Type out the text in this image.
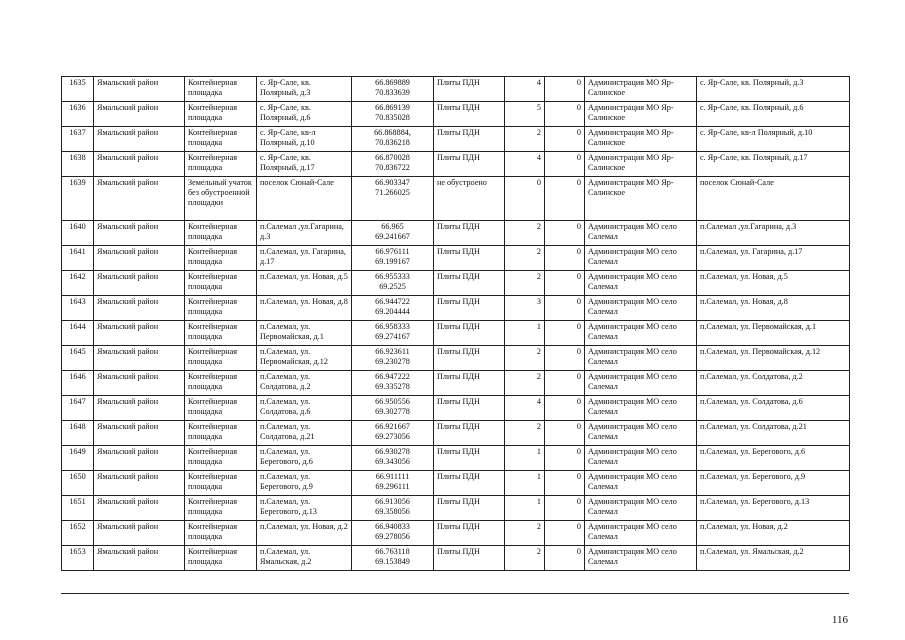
1635	Ямальский район	Контейнерная площадка	с. Яр-Сале, кв. Полярный, д.3	66.869889
70.833639	Плиты ПДН	4	0	Администрация МО Яр-Салинское	с. Яр-Сале, кв. Полярный, д.3
1636	Ямальский район	Контейнерная площадка	с. Яр-Сале, кв. Полярный, д.6	66.869139
70.835028	Плиты ПДН	5	0	Администрация МО Яр-Салинское	с. Яр-Сале, кв. Полярный, д.6
1637	Ямальский район	Контейнерная площадка	с. Яр-Сале, кв-л Полярный, д.10	66.868884,
70.836218	Плиты ПДН	2	0	Администрация МО Яр-Салинское	с. Яр-Сале, кв-л Полярный, д.10
1638	Ямальский район	Контейнерная площадка	с. Яр-Сале, кв. Полярный, д.17	66.870028
70.836722	Плиты ПДН	4	0	Администрация МО Яр-Салинское	с. Яр-Сале, кв. Полярный, д.17
1639	Ямальский район	Земельный учаток без обустроенной площадки	поселок Сюнай-Сале	66.903347
71.266025	не обустроено	0	0	Администрация МО Яр-Салинское	поселок Сюнай-Сале
1640	Ямальский район	Контейнерная площадка	п.Салемал ,ул.Гагарина, д.3	66.965
69.241667	Плиты ПДН	2	0	Администрация МО село Салемал	п.Салемал ,ул.Гагарина, д.3
1641	Ямальский район	Контейнерная площадка	п.Салемал, ул. Гагарина, д.17	66.976111
69.199167	Плиты ПДН	2	0	Администрация МО село Салемал	п.Салемал, ул. Гагарина, д.17
1642	Ямальский район	Контейнерная площадка	п.Салемал, ул. Новая, д.5	66.955333
69.2525	Плиты ПДН	2	0	Администрация МО село Салемал	п.Салемал, ул. Новая, д.5
1643	Ямальский район	Контейнерная площадка	п.Салемал, ул. Новая, д.8	66.944722
69.204444	Плиты ПДН	3	0	Администрация МО село Салемал	п.Салемал, ул. Новая, д.8
1644	Ямальский район	Контейнерная площадка	п.Салемал, ул. Первомайская, д.1	66.958333
69.274167	Плиты ПДН	1	0	Администрация МО село Салемал	п.Салемал, ул. Первомайская, д.1
1645	Ямальский район	Контейнерная площадка	п.Салемал, ул. Первомайская, д.12	66.923611
69.230278	Плиты ПДН	2	0	Администрация МО село Салемал	п.Салемал, ул. Первомайская, д.12
1646	Ямальский район	Контейнерная площадка	п.Салемал, ул. Солдатова, д.2	66.947222
69.335278	Плиты ПДН	2	0	Администрация МО село Салемал	п.Салемал, ул. Солдатова, д.2
1647	Ямальский район	Контейнерная площадка	п.Салемал, ул. Солдатова, д.6	66.950556
69.302778	Плиты ПДН	4	0	Администрация МО село Салемал	п.Салемал, ул. Солдатова, д.6
1648	Ямальский район	Контейнерная площадка	п.Салемал, ул. Солдатова, д.21	66.921667
69.273056	Плиты ПДН	2	0	Администрация МО село Салемал	п.Салемал, ул. Солдатова, д.21
1649	Ямальский район	Контейнерная площадка	п.Салемал, ул. Берегового, д.6	66.930278
69.343056	Плиты ПДН	1	0	Администрация МО село Салемал	п.Салемал, ул. Берегового, д.6
1650	Ямальский район	Контейнерная площадка	п.Салемал, ул. Берегового, д.9	66.911111
69.296111	Плиты ПДН	1	0	Администрация МО село Салемал	п.Салемал, ул. Берегового, д.9
1651	Ямальский район	Контейнерная площадка	п.Салемал, ул. Берегового, д.13	66.913056
69.358056	Плиты ПДН	1	0	Администрация МО село Салемал	п.Салемал, ул. Берегового, д.13
1652	Ямальский район	Контейнерная площадка	п.Салемал, ул. Новая, д.2	66.940833
69.278056	Плиты ПДН	2	0	Администрация МО село Салемал	п.Салемал, ул. Новая, д.2
1653	Ямальский район	Контейнерная площадка	п.Салемал, ул. Ямальская, д.2	66.763118
69.153849	Плиты ПДН	2	0	Администрация МО село Салемал	п.Салемал, ул. Ямальская, д.2
116
